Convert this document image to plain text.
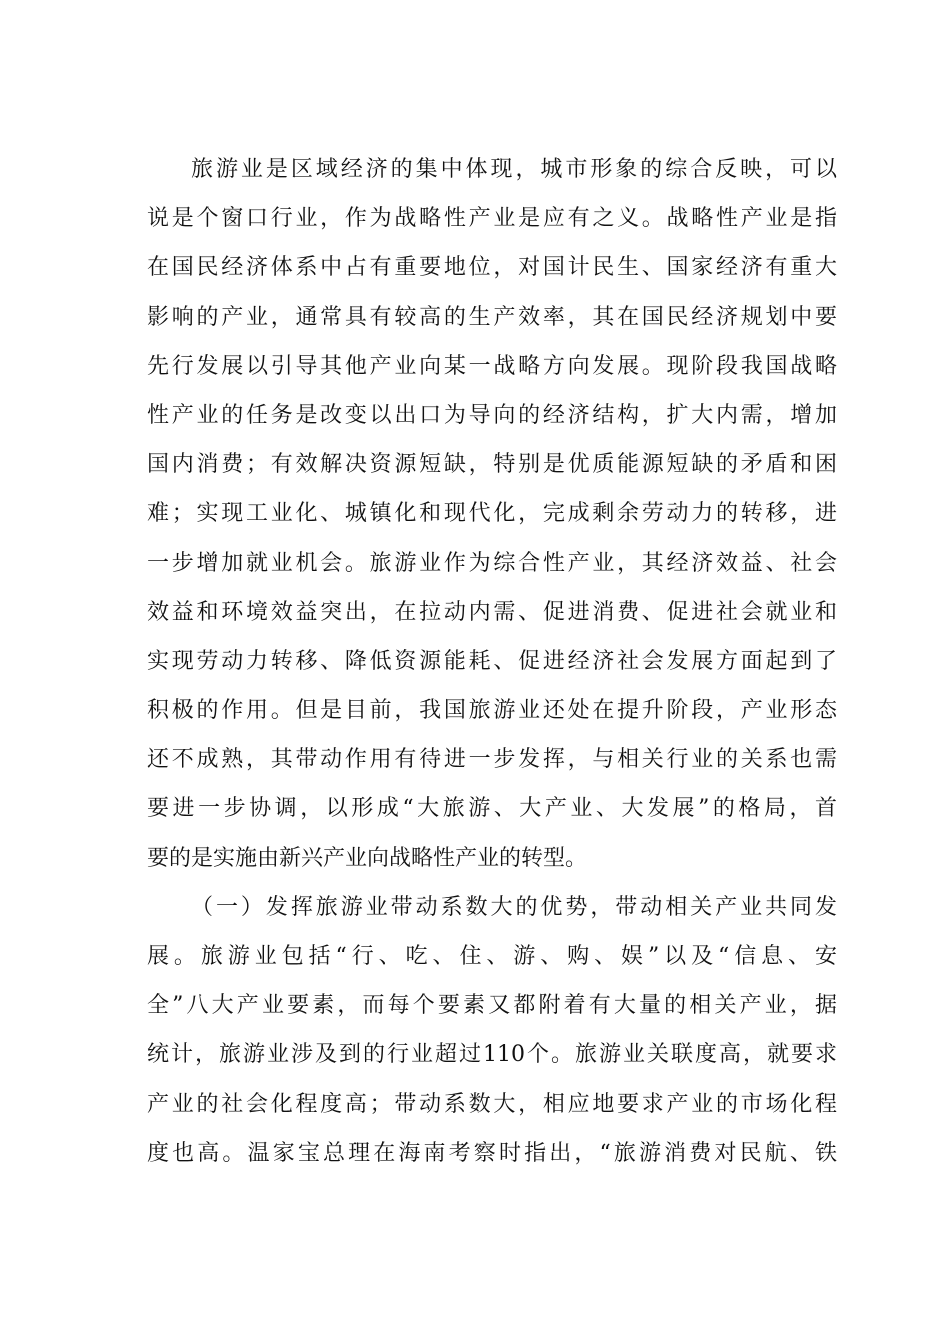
旅游业是区域经济的集中体现，城市形象的综合反映，可以
说是个窗口行业，作为战略性产业是应有之义。战略性产业是指
在国民经济体系中占有重要地位，对国计民生、国家经济有重大
影响的产业，通常具有较高的生产效率，其在国民经济规划中要
先行发展以引导其他产业向某一战略方向发展。现阶段我国战略
性产业的任务是改变以出口为导向的经济结构，扩大内需，增加
国内消费；有效解决资源短缺，特别是优质能源短缺的矛盾和困
难；实现工业化、城镇化和现代化，完成剩余劳动力的转移，进
一步增加就业机会。旅游业作为综合性产业，其经济效益、社会
效益和环境效益突出，在拉动内需、促进消费、促进社会就业和
实现劳动力转移、降低资源能耗、促进经济社会发展方面起到了
积极的作用。但是目前，我国旅游业还处在提升阶段，产业形态
还不成熟，其带动作用有待进一步发挥，与相关行业的关系也需
要进一步协调，以形成“大旅游、大产业、大发展”的格局，首
要的是实施由新兴产业向战略性产业的转型。
（一）发挥旅游业带动系数大的优势，带动相关产业共同发
展。旅游业包括“行、吃、住、游、购、娱”以及“信息、安
全”八大产业要素，而每个要素又都附着有大量的相关产业，据
统计，旅游业涉及到的行业超过110个。旅游业关联度高，就要求
产业的社会化程度高；带动系数大，相应地要求产业的市场化程
度也高。温家宝总理在海南考察时指出，“旅游消费对民航、铁
